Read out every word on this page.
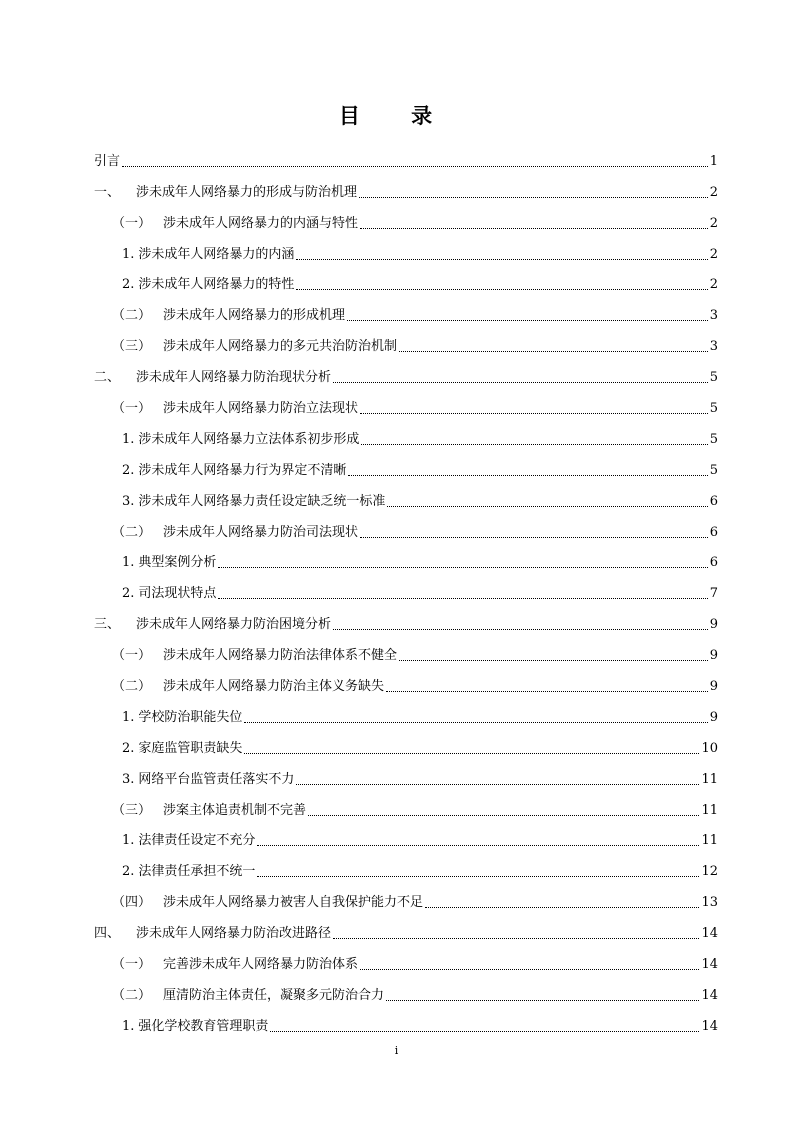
目 录
引言	1
一、 涉未成年人网络暴力的形成与防治机理	2
（一） 涉未成年人网络暴力的内涵与特性	2
1. 涉未成年人网络暴力的内涵	2
2. 涉未成年人网络暴力的特性	2
（二） 涉未成年人网络暴力的形成机理	3
（三） 涉未成年人网络暴力的多元共治防治机制	3
二、 涉未成年人网络暴力防治现状分析	5
（一） 涉未成年人网络暴力防治立法现状	5
1. 涉未成年人网络暴力立法体系初步形成	5
2. 涉未成年人网络暴力行为界定不清晰	5
3. 涉未成年人网络暴力责任设定缺乏统一标准	6
（二） 涉未成年人网络暴力防治司法现状	6
1. 典型案例分析	6
2. 司法现状特点	7
三、 涉未成年人网络暴力防治困境分析	9
（一） 涉未成年人网络暴力防治法律体系不健全	9
（二） 涉未成年人网络暴力防治主体义务缺失	9
1. 学校防治职能失位	9
2. 家庭监管职责缺失	10
3. 网络平台监管责任落实不力	11
（三） 涉案主体追责机制不完善	11
1. 法律责任设定不充分	11
2. 法律责任承担不统一	12
（四） 涉未成年人网络暴力被害人自我保护能力不足	13
四、 涉未成年人网络暴力防治改进路径	14
（一） 完善涉未成年人网络暴力防治体系	14
（二） 厘清防治主体责任，凝聚多元防治合力	14
1. 强化学校教育管理职责	14
i
